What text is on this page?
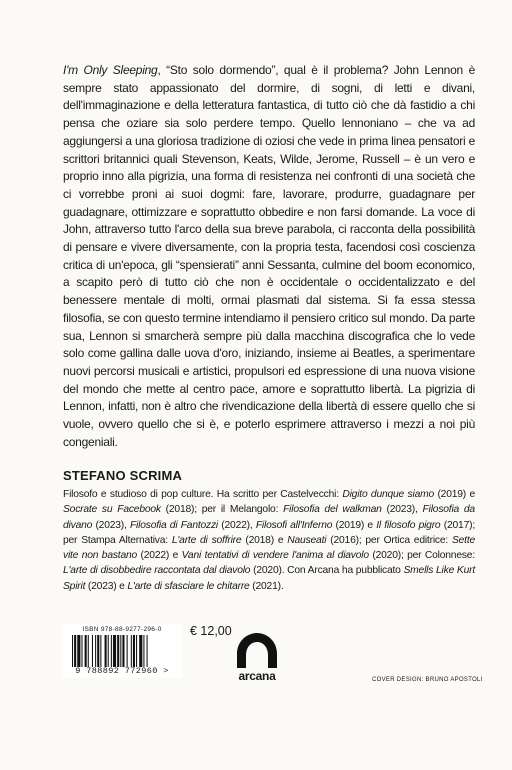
I'm Only Sleeping, “Sto solo dormendo”, qual è il problema? John Lennon è sempre stato appassionato del dormire, di sogni, di letti e divani, dell'immaginazione e della letteratura fantastica, di tutto ciò che dà fastidio a chi pensa che oziare sia solo perdere tempo. Quello lennoniano – che va ad aggiungersi a una gloriosa tradizione di oziosi che vede in prima linea pensatori e scrittori britannici quali Stevenson, Keats, Wilde, Jerome, Russell – è un vero e proprio inno alla pigrizia, una forma di resistenza nei confronti di una società che ci vorrebbe proni ai suoi dogmi: fare, lavorare, produrre, guadagnare per guadagnare, ottimizzare e soprattutto obbedire e non farsi domande. La voce di John, attraverso tutto l'arco della sua breve parabola, ci racconta della possibilità di pensare e vivere diversamente, con la propria testa, facendosi così coscienza critica di un'epoca, gli “spensierati” anni Sessanta, culmine del boom economico, a scapito però di tutto ciò che non è occidentale o occidentalizzato e del benessere mentale di molti, ormai plasmati dal sistema. Si fa essa stessa filosofia, se con questo termine intendiamo il pensiero critico sul mondo. Da parte sua, Lennon si smarcherà sempre più dalla macchina discografica che lo vede solo come gallina dalle uova d'oro, iniziando, insieme ai Beatles, a sperimentare nuovi percorsi musicali e artistici, propulsori ed espressione di una nuova visione del mondo che mette al centro pace, amore e soprattutto libertà. La pigrizia di Lennon, infatti, non è altro che rivendicazione della libertà di essere quello che si vuole, ovvero quello che si è, e poterlo esprimere attraverso i mezzi a noi più congeniali.

STEFANO SCRIMA

Filosofo e studioso di pop culture. Ha scritto per Castelvecchi: Digito dunque siamo (2019) e Socrate su Facebook (2018); per il Melangolo: Filosofia del walkman (2023), Filosofia da divano (2023), Filosofia di Fantozzi (2022), Filosofi all'Inferno (2019) e Il filosofo pigro (2017); per Stampa Alternativa: L'arte di soffrire (2018) e Nauseati (2016); per Ortica editrice: Sette vite non bastano (2022) e Vani tentativi di vendere l'anima al diavolo (2020); per Colonnese: L'arte di disobbedire raccontata dal diavolo (2020). Con Arcana ha pubblicato Smells Like Kurt Spirit (2023) e L'arte di sfasciare le chitarre (2021).

ISBN 978-88-9277-296-0
9 788892 772960 >
€ 12,00
arcana	COVER DESIGN: BRUNO APOSTOLI
